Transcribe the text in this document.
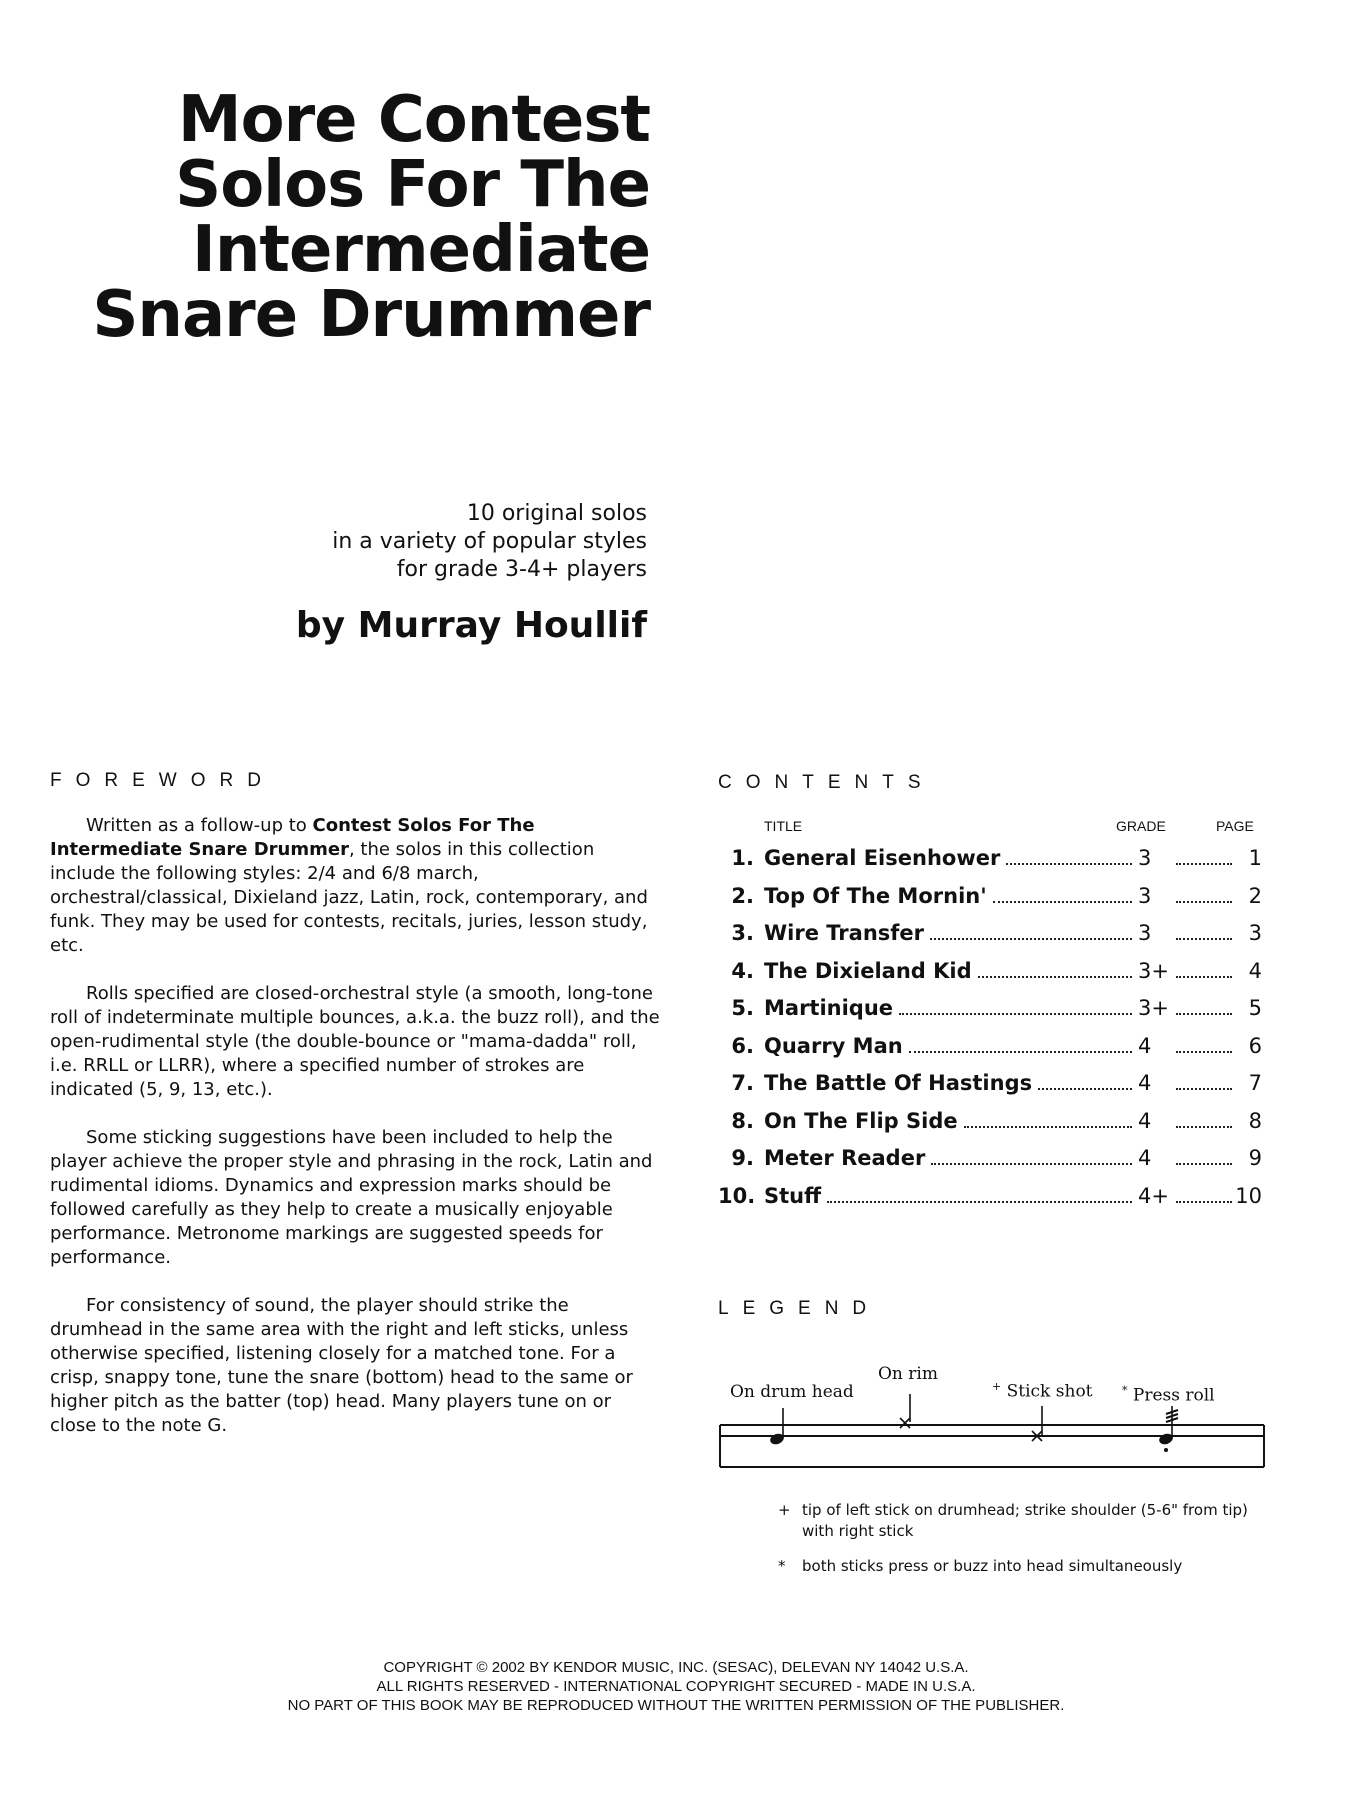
More Contest
Solos For The
Intermediate
Snare Drummer
10 original solos
in a variety of popular styles
for grade 3-4+ players
by Murray Houllif
FOREWORD

Written as a follow-up to Contest Solos For The Intermediate Snare Drummer, the solos in this collection include the following styles: 2/4 and 6/8 march, orchestral/classical, Dixieland jazz, Latin, rock, contemporary, and funk. They may be used for contests, recitals, juries, lesson study, etc.

Rolls specified are closed-orchestral style (a smooth, long-tone roll of indeterminate multiple bounces, a.k.a. the buzz roll), and the open-rudimental style (the double-bounce or "mama-dadda" roll, i.e. RRLL or LLRR), where a specified number of strokes are indicated (5, 9, 13, etc.).

Some sticking suggestions have been included to help the player achieve the proper style and phrasing in the rock, Latin and rudimental idioms. Dynamics and expression marks should be followed carefully as they help to create a musically enjoyable performance. Metronome markings are suggested speeds for performance.

For consistency of sound, the player should strike the drumhead in the same area with the right and left sticks, unless otherwise specified, listening closely for a matched tone. For a crisp, snappy tone, tune the snare (bottom) head to the same or higher pitch as the batter (top) head. Many players tune on or close to the note G.

CONTENTS
TITLE	GRADE	PAGE
1. General Eisenhower	3	1
2. Top Of The Mornin'	3	2
3. Wire Transfer	3	3
4. The Dixieland Kid	3+	4
5. Martinique	3+	5
6. Quarry Man	4	6
7. The Battle Of Hastings	4	7
8. On The Flip Side	4	8
9. Meter Reader	4	9
10. Stuff	4+	10
LEGEND
On drum head
On rim
+ Stick shot	* Press roll
+ tip of left stick on drumhead; strike shoulder (5-6" from tip) with right stick
*	both sticks press or buzz into head simultaneously
COPYRIGHT © 2002 BY KENDOR MUSIC, INC. (SESAC), DELEVAN NY 14042 U.S.A.
ALL RIGHTS RESERVED - INTERNATIONAL COPYRIGHT SECURED - MADE IN U.S.A.
NO PART OF THIS BOOK MAY BE REPRODUCED WITHOUT THE WRITTEN PERMISSION OF THE PUBLISHER.
